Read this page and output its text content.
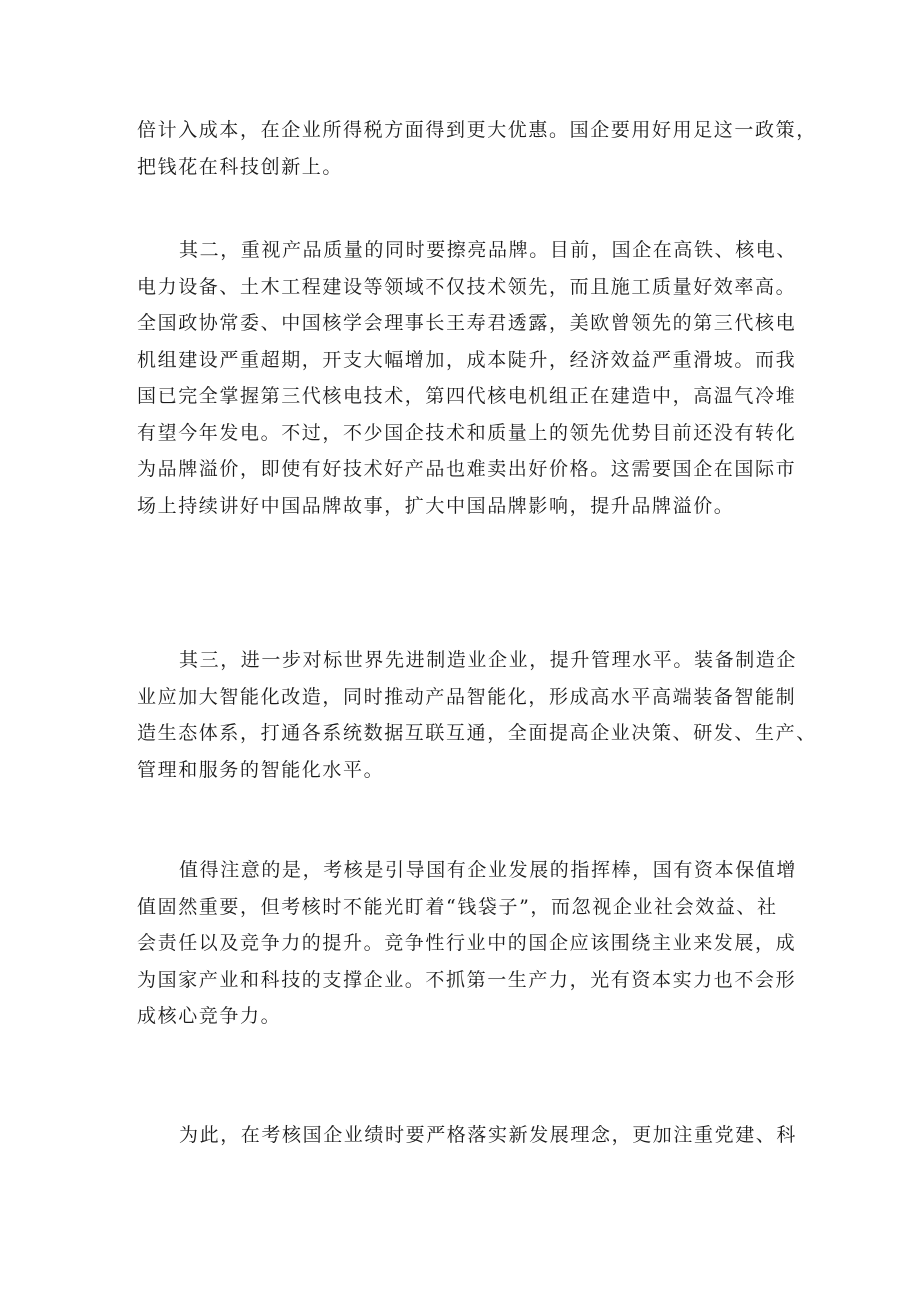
倍计入成本，在企业所得税方面得到更大优惠。国企要用好用足这一政策，
把钱花在科技创新上。

其二，重视产品质量的同时要擦亮品牌。目前，国企在高铁、核电、
电力设备、土木工程建设等领域不仅技术领先，而且施工质量好效率高。
全国政协常委、中国核学会理事长王寿君透露，美欧曾领先的第三代核电
机组建设严重超期，开支大幅增加，成本陡升，经济效益严重滑坡。而我
国已完全掌握第三代核电技术，第四代核电机组正在建造中，高温气冷堆
有望今年发电。不过，不少国企技术和质量上的领先优势目前还没有转化
为品牌溢价，即使有好技术好产品也难卖出好价格。这需要国企在国际市
场上持续讲好中国品牌故事，扩大中国品牌影响，提升品牌溢价。

其三，进一步对标世界先进制造业企业，提升管理水平。装备制造企
业应加大智能化改造，同时推动产品智能化，形成高水平高端装备智能制
造生态体系，打通各系统数据互联互通，全面提高企业决策、研发、生产、
管理和服务的智能化水平。

值得注意的是，考核是引导国有企业发展的指挥棒，国有资本保值增
值固然重要，但考核时不能光盯着“钱袋子”，而忽视企业社会效益、社
会责任以及竞争力的提升。竞争性行业中的国企应该围绕主业来发展，成
为国家产业和科技的支撑企业。不抓第一生产力，光有资本实力也不会形
成核心竞争力。

为此，在考核国企业绩时要严格落实新发展理念，更加注重党建、科
